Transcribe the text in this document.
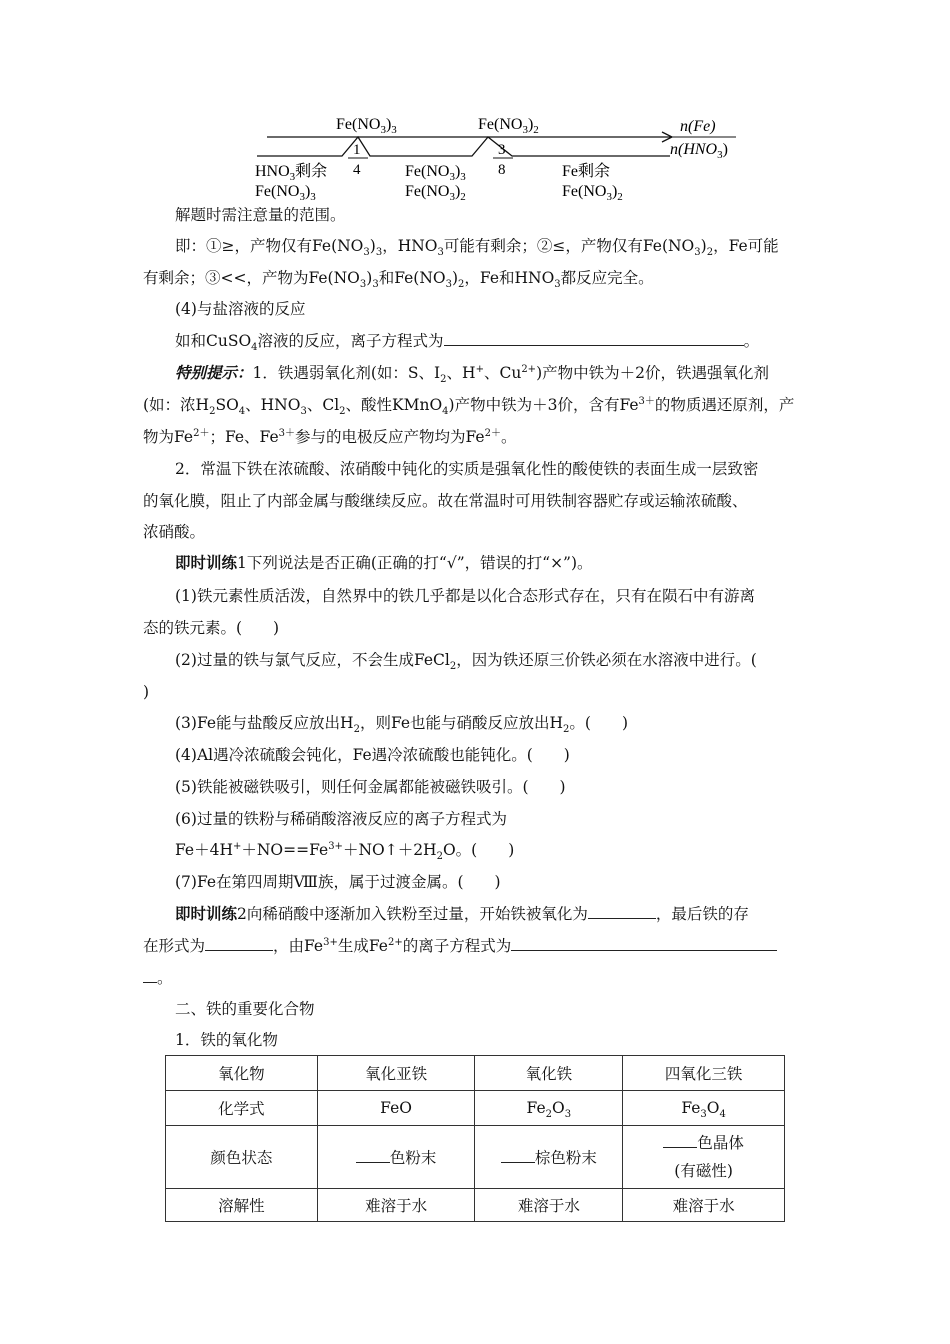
$Fe(NO_3)_3$	$Fe(NO_3)_2$
1
4
3
8
n(Fe)
$n(HNO_3)$
$HNO_3$剩余
$Fe(NO_3)_3$
$Fe(NO_3)_3$
$Fe(NO_3)_2$
Fe剩余
$Fe(NO_3)_2$
解题时需注意量的范围。
即：①≥，产物仅有$Fe(NO_3)_3$，$HNO_3$可能有剩余；②≤，产物仅有$Fe(NO_3)_2$，Fe可能
有剩余；③<<，产物为$Fe(NO_3)_3$和$Fe(NO_3)_2$，Fe和$HNO_3$都反应完全。
(4)与盐溶液的反应
如和CuSO$_4$溶液的反应，离子方程式为	。
特别提示：1．铁遇弱氧化剂(如：S、$I_2$、H+、$Cu^{2+}$)产物中铁为＋2价，铁遇强氧化剂
(如：浓$H_2SO_4$、$HNO_3$、$Cl_2$、酸性KMnO$_4$)产物中铁为＋3价，含有$Fe^{3+}$的物质遇还原剂，产
物为$Fe^{2+}$；Fe、$Fe^{3+}$参与的电极反应产物均为$Fe^{2+}$。
2．常温下铁在浓硫酸、浓硝酸中钝化的实质是强氧化性的酸使铁的表面生成一层致密
的氧化膜，阻止了内部金属与酸继续反应。故在常温时可用铁制容器贮存或运输浓硫酸、
浓硝酸。
即时训练1下列说法是否正确(正确的打“√”，错误的打“×”)。
(1)铁元素性质活泼，自然界中的铁几乎都是以化合态形式存在，只有在陨石中有游离
态的铁元素。(　　)
(2)过量的铁与氯气反应，不会生成FeCl$_2$，因为铁还原三价铁必须在水溶液中进行。(
)
(3)Fe能与盐酸反应放出$H_2$，则Fe也能与硝酸反应放出$H_2$。(　　)
(4)Al遇冷浓硫酸会钝化，Fe遇冷浓硫酸也能钝化。(　　)
(5)铁能被磁铁吸引，则任何金属都能被磁铁吸引。(　　)
(6)过量的铁粉与稀硝酸溶液反应的离子方程式为
$Fe+4H^++NO==Fe^{3+}+NO↑+2H_2O$。(　　)
(7)Fe在第四周期Ⅷ族，属于过渡金属。(　　)
即时训练2向稀硝酸中逐渐加入铁粉至过量，开始铁被氧化为	，最后铁的存
在形式为	，由$Fe^{3+}$生成$Fe^{2+}$的离子方程式为
。
二、铁的重要化合物
1．铁的氧化物
氧化物	氧化亚铁	氧化铁	四氧化三铁
化学式	FeO	$Fe_2O_3$	$Fe_3O_4$
颜色状态	色粉末	棕色粉末	色晶体
(有磁性)

溶解性	难溶于水	难溶于水	难溶于水
